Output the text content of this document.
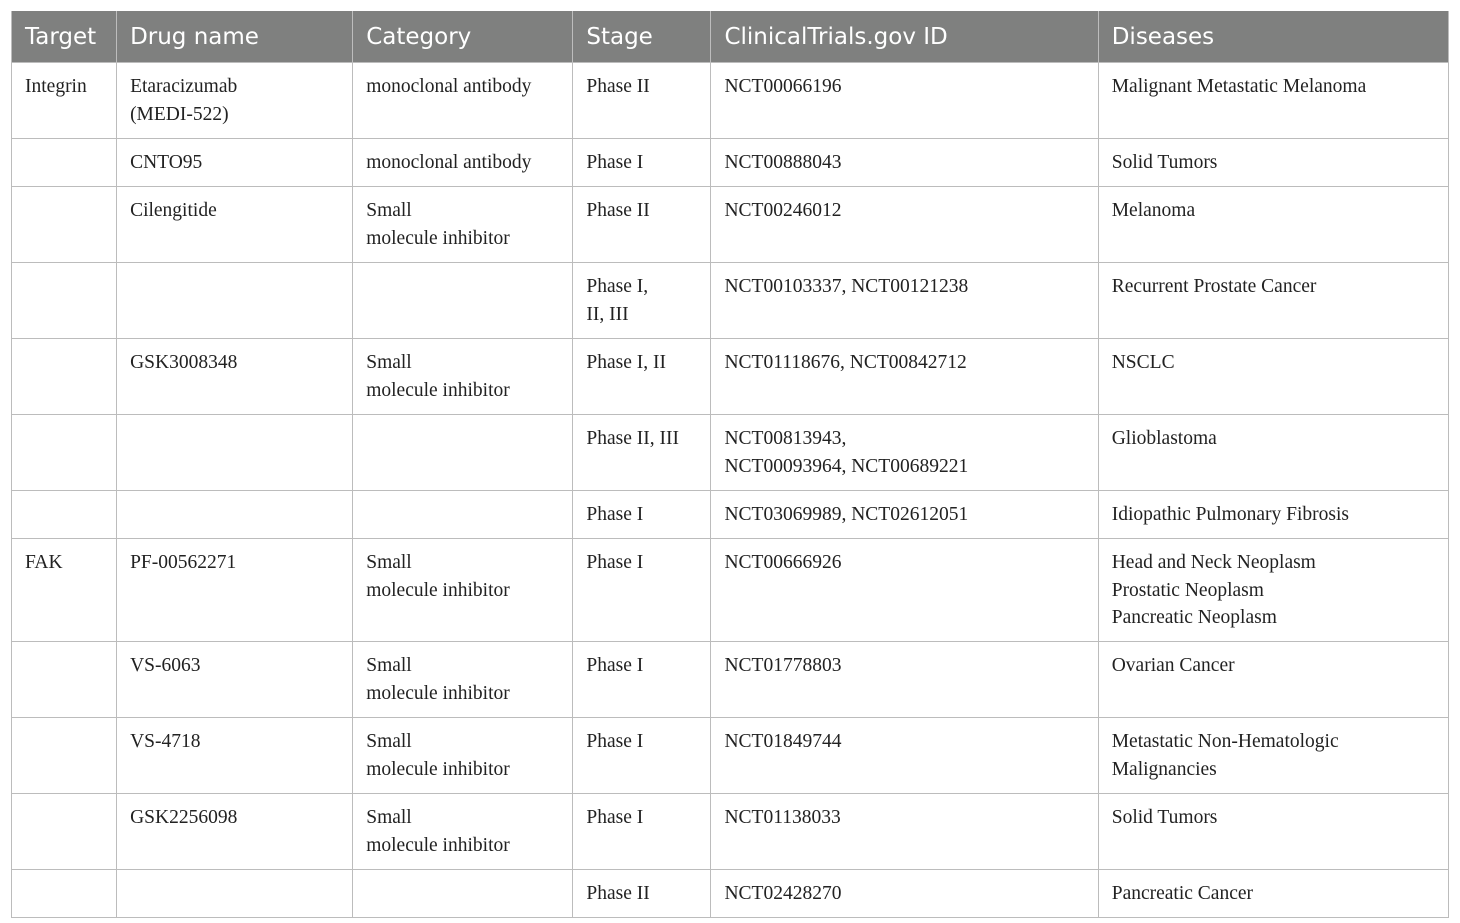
Target	Drug name	Category	Stage	ClinicalTrials.gov ID	Diseases

Integrin	Etaracizumab
(MEDI-522)	monoclonal antibody	Phase II	NCT00066196	Malignant Metastatic Melanoma

	CNTO95	monoclonal antibody	Phase I	NCT00888043	Solid Tumors

	Cilengitide	Small
molecule inhibitor	Phase II	NCT00246012	Melanoma

			Phase I,
II, III	NCT00103337, NCT00121238	Recurrent Prostate Cancer

	GSK3008348	Small
molecule inhibitor	Phase I, II	NCT01118676, NCT00842712	NSCLC

			Phase II, III	NCT00813943,
NCT00093964, NCT00689221	Glioblastoma

			Phase I	NCT03069989, NCT02612051	Idiopathic Pulmonary Fibrosis

FAK	PF-00562271	Small
molecule inhibitor	Phase I	NCT00666926	Head and Neck Neoplasm
Prostatic Neoplasm
Pancreatic Neoplasm

	VS-6063	Small
molecule inhibitor	Phase I	NCT01778803	Ovarian Cancer

	VS-4718	Small
molecule inhibitor	Phase I	NCT01849744	Metastatic Non-Hematologic
Malignancies

	GSK2256098	Small
molecule inhibitor	Phase I	NCT01138033	Solid Tumors

			Phase II	NCT02428270	Pancreatic Cancer
